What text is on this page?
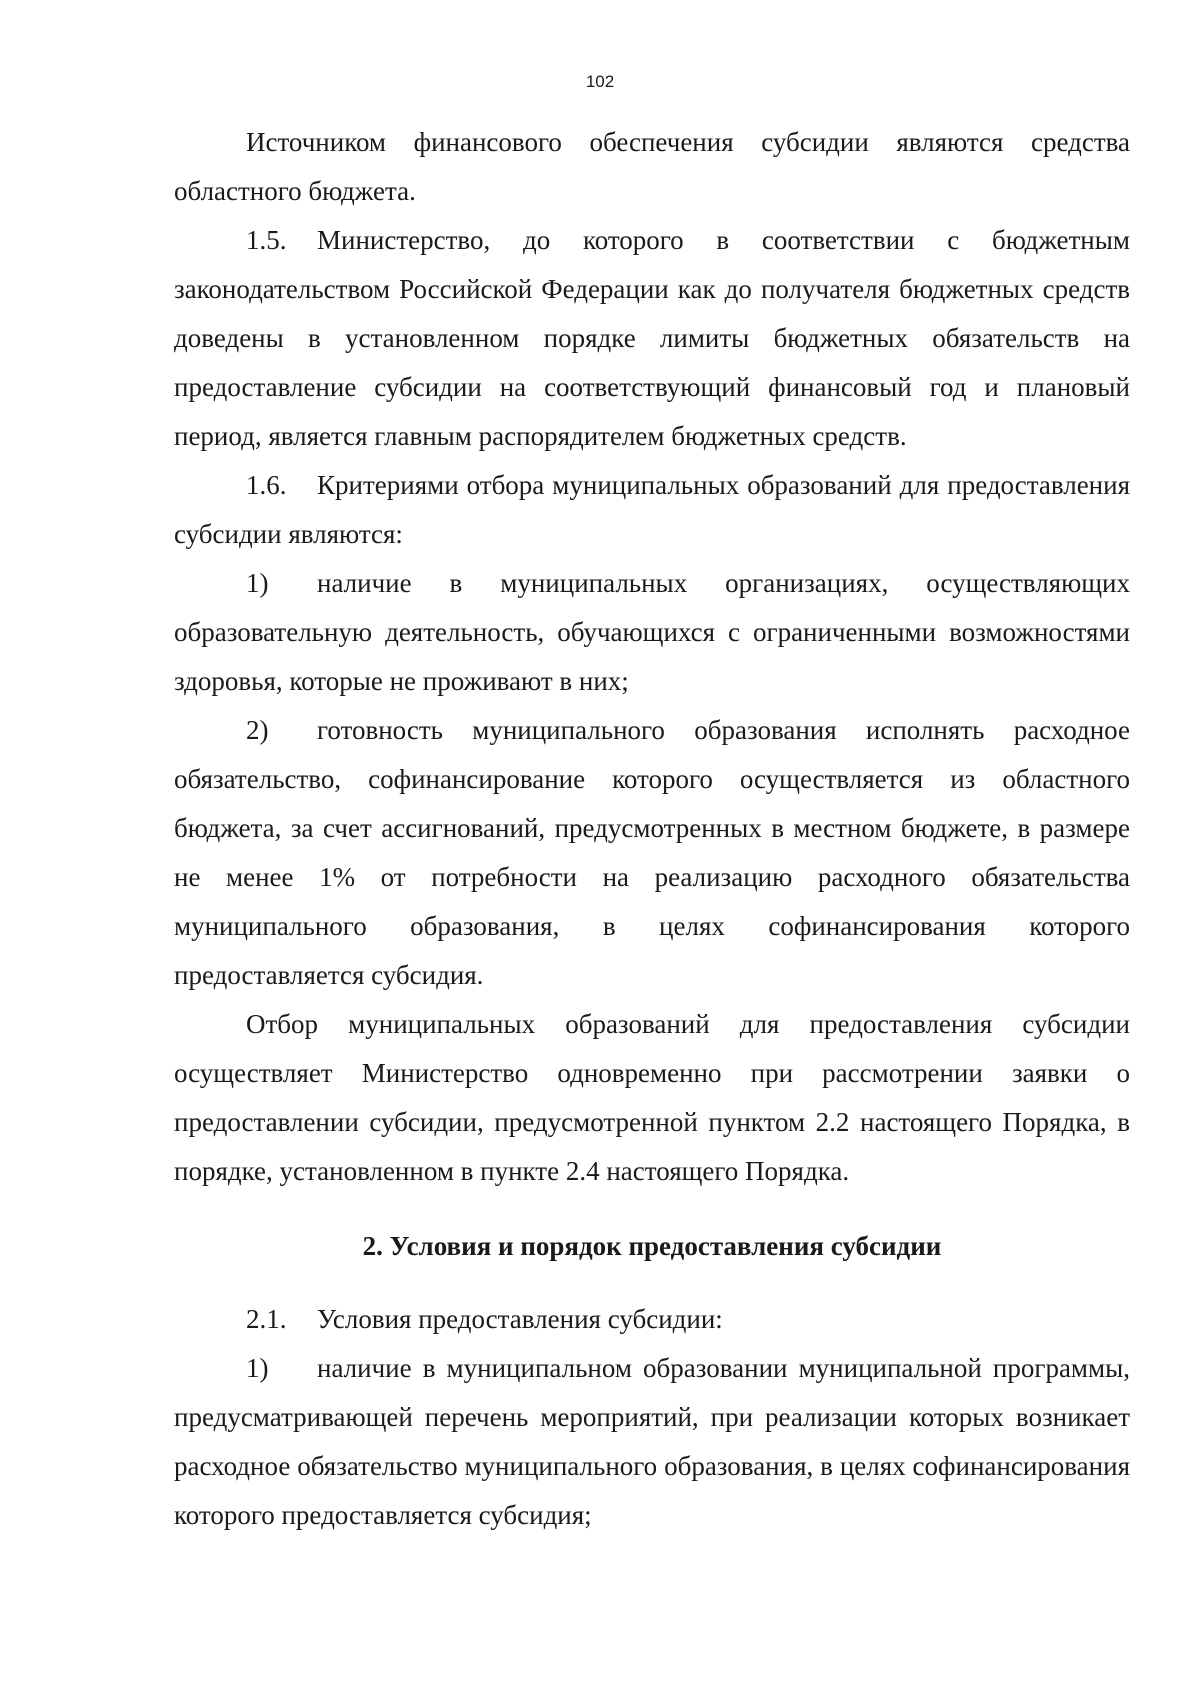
102

Источником финансового обеспечения субсидии являются средства областного бюджета.

1.5. Министерство, до которого в соответствии с бюджетным законодательством Российской Федерации как до получателя бюджетных средств доведены в установленном порядке лимиты бюджетных обязательств на предоставление субсидии на соответствующий финансовый год и плановый период, является главным распорядителем бюджетных средств.

1.6. Критериями отбора муниципальных образований для предоставления субсидии являются:

1) наличие в муниципальных организациях, осуществляющих образовательную деятельность, обучающихся с ограниченными возможностями здоровья, которые не проживают в них;

2) готовность муниципального образования исполнять расходное обязательство, софинансирование которого осуществляется из областного бюджета, за счет ассигнований, предусмотренных в местном бюджете, в размере не менее 1% от потребности на реализацию расходного обязательства муниципального образования, в целях софинансирования которого предоставляется субсидия.

Отбор муниципальных образований для предоставления субсидии осуществляет Министерство одновременно при рассмотрении заявки о предоставлении субсидии, предусмотренной пунктом 2.2 настоящего Порядка, в порядке, установленном в пункте 2.4 настоящего Порядка.

2. Условия и порядок предоставления субсидии

2.1. Условия предоставления субсидии:

1) наличие в муниципальном образовании муниципальной программы, предусматривающей перечень мероприятий, при реализации которых возникает расходное обязательство муниципального образования, в целях софинансирования которого предоставляется субсидия;
